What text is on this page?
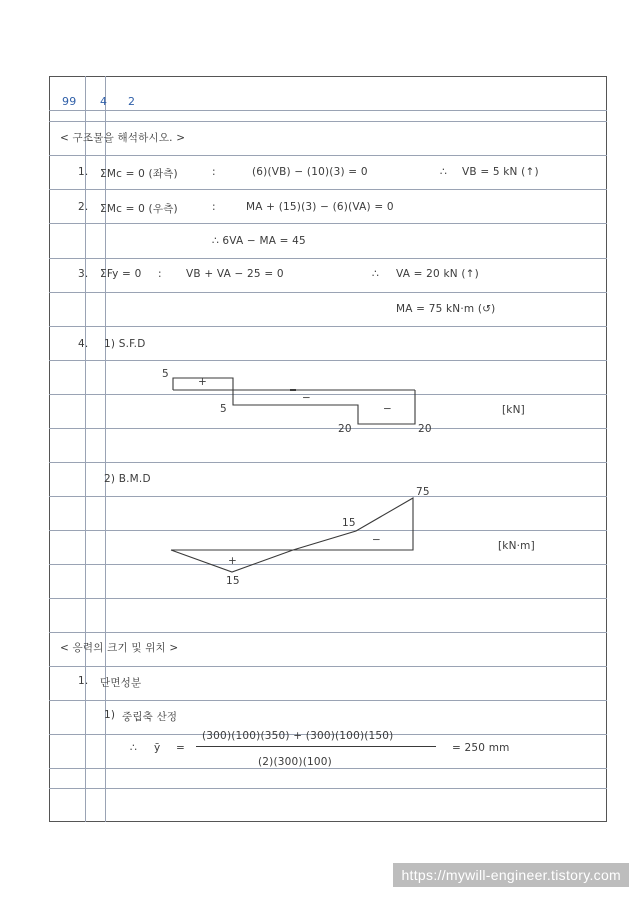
99 4 2
< 구조물을 해석하시오. >
1. ΣMc = 0 (좌측)	:	(6)(VB) − (10)(3) = 0	∴ VB = 5 kN (↑)
2. ΣMc = 0 (우측)	:	MA + (15)(3) − (6)(VA) = 0
∴ 6VA − MA = 45
3. ΣFy = 0 : VB + VA − 25 = 0	∴ VA = 20 kN (↑)
MA = 75 kN·m (↺)
4. 1) S.F.D
2) B.M.D
5
+
5
−
−
20	20
[kN]
75
15
15
+
−	[kN·m]
< 응력의 크기 및 위치 >
1. 단면성분
1) 중립축 산정
∴ ȳ =
(300)(100)(350) + (300)(100)(150)
(2)(300)(100)
= 250 mm
https://mywill-engineer.tistory.com
